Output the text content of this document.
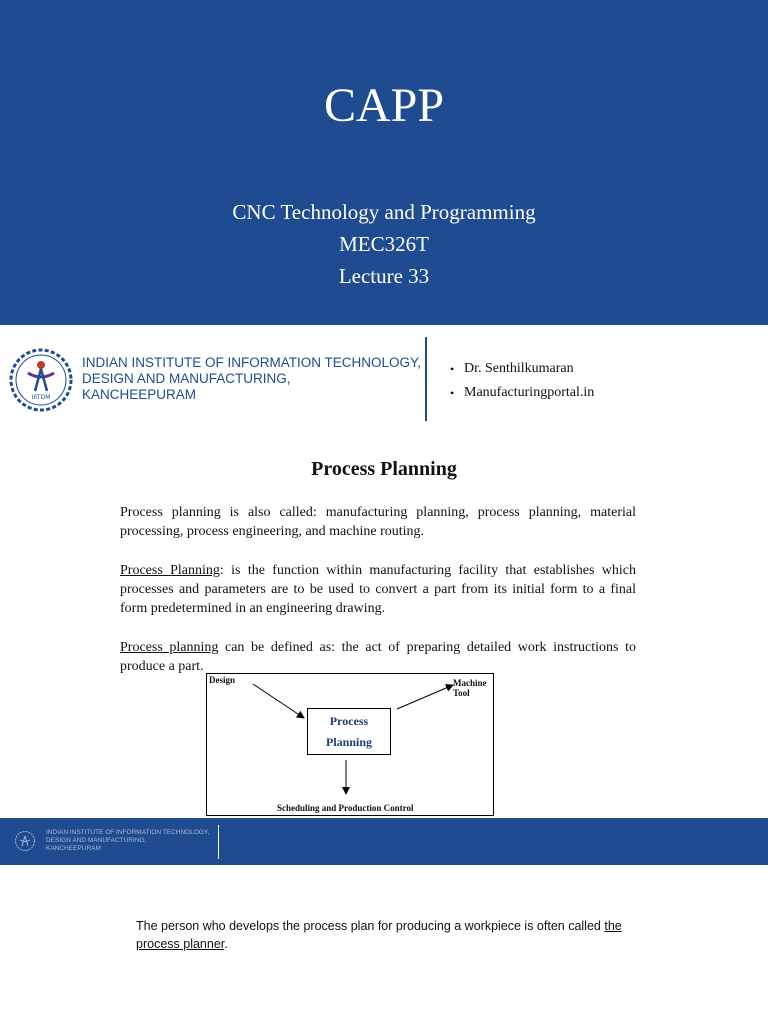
CAPP
CNC Technology and Programming
MEC326T
Lecture 33
IIITDM
INDIAN INSTITUTE OF INFORMATION TECHNOLOGY,
DESIGN AND MANUFACTURING,
KANCHEEPURAM
• Dr. Senthilkumaran
• Manufacturingportal.in
Process Planning

Process planning is also called: manufacturing planning, process planning, material processing, process engineering, and machine routing.

Process Planning: is the function within manufacturing facility that establishes which processes and parameters are to be used to convert a part from its initial form to a final form predetermined in an engineering drawing.

Process planning can be defined as: the act of preparing detailed work instructions to produce a part.

Design	Machine Tool
Process
Planning
Scheduling and Production Control
INDIAN INSTITUTE OF INFORMATION TECHNOLOGY,
DESIGN AND MANUFACTURING,
KANCHEEPURAM

The person who develops the process plan for producing a workpiece is often called the process planner.
